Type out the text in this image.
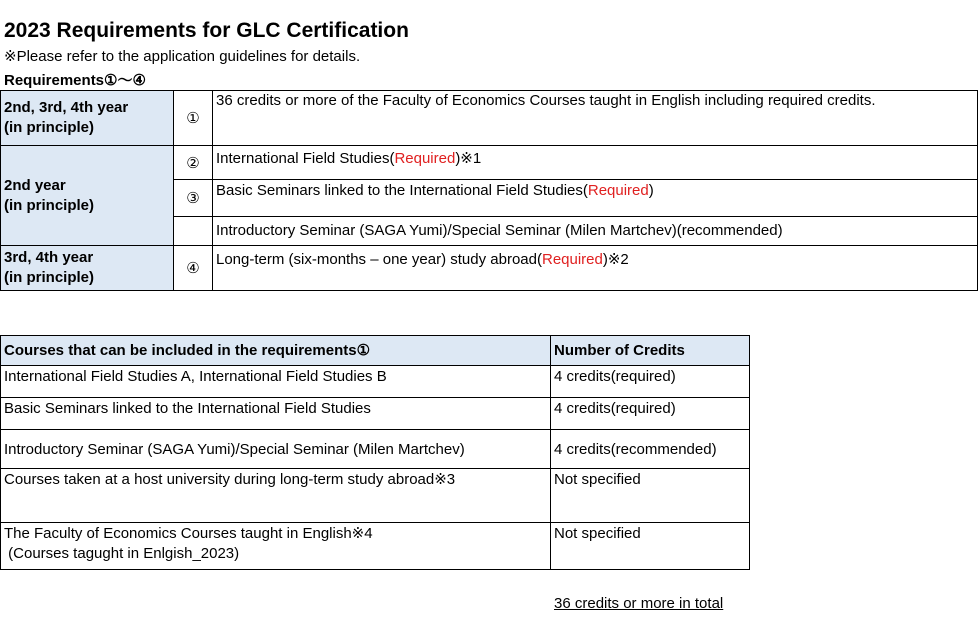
2023 Requirements for GLC Certification
※Please refer to the application guidelines for details.
Requirements①～④
2nd, 3rd, 4th year
(in principle)	①	36 credits or more of the Faculty of Economics Courses taught in English including required credits.
2nd year
(in principle)	②	International Field Studies(Required)※1
	③	Basic Seminars linked to the International Field Studies(Required)
		Introductory Seminar (SAGA Yumi)/Special Seminar (Milen Martchev)(recommended)
3rd, 4th year
(in principle)	④	Long-term (six-months – one year) study abroad(Required)※2
Courses that can be included in the requirements①	Number of Credits
International Field Studies A, International Field Studies B	4 credits(required)
Basic Seminars linked to the International Field Studies	4 credits(required)
Introductory Seminar (SAGA Yumi)/Special Seminar (Milen Martchev)	4 credits(recommended)
Courses taken at a host university during long-term study abroad※3	Not specified

The Faculty of Economics Courses taught in English※4
(Courses tagught in Enlgish_2023)	Not specified
36 credits or more in total
